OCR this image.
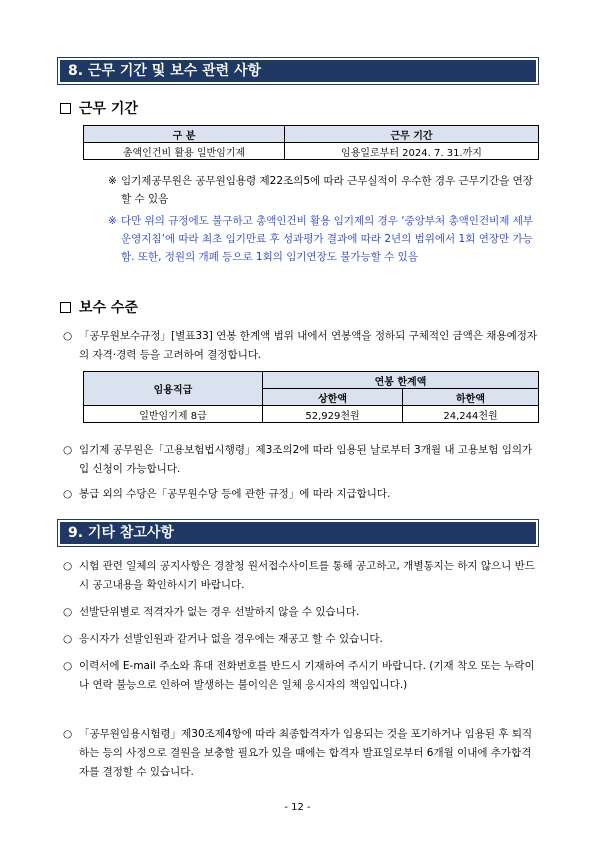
8. 근무 기간 및 보수 관련 사항
근무 기간
구 분	근무 기간
총액인건비 활용 일반임기제	임용일로부터 2024. 7. 31.까지
※ 임기제공무원은 공무원임용령 제22조의5에 따라 근무실적이 우수한 경우 근무기간을 연장할 수 있음
※ 다만 위의 규정에도 불구하고 총액인건비 활용 임기제의 경우 ‘중앙부처 총액인건비제 세부 운영지침’에 따라 최초 임기만료 후 성과평가 결과에 따라 2년의 범위에서 1회 연장만 가능함. 또한, 정원의 개폐 등으로 1회의 임기연장도 불가능할 수 있음
보수 수준
○ 「공무원보수규정」[별표33] 연봉 한계액 범위 내에서 연봉액을 정하되 구체적인 금액은 채용예정자의 자격·경력 등을 고려하여 결정합니다.
임용직급	연봉 한계액	
	상한액	하한액
일반임기제 8급	52,929천원	24,244천원
○ 임기제 공무원은「고용보험법시행령」제3조의2에 따라 임용된 날로부터 3개월 내 고용보험 임의가입 신청이 가능합니다.
○ 봉급 외의 수당은「공무원수당 등에 관한 규정」에 따라 지급합니다.
9. 기타 참고사항
○ 시험 관련 일체의 공지사항은 경찰청 원서접수사이트를 통해 공고하고, 개별통지는 하지 않으니 반드시 공고내용을 확인하시기 바랍니다.
○ 선발단위별로 적격자가 없는 경우 선발하지 않을 수 있습니다.
○ 응시자가 선발인원과 같거나 없을 경우에는 재공고 할 수 있습니다.
○ 이력서에 E-mail 주소와 휴대 전화번호를 반드시 기재하여 주시기 바랍니다. (기재 착오 또는 누락이나 연락 불능으로 인하여 발생하는 불이익은 일체 응시자의 책임입니다.)
○ 「공무원임용시험령」제30조제4항에 따라 최종합격자가 임용되는 것을 포기하거나 임용된 후 퇴직하는 등의 사정으로 결원을 보충할 필요가 있을 때에는 합격자 발표일로부터 6개월 이내에 추가합격자를 결정할 수 있습니다.
- 12 -
